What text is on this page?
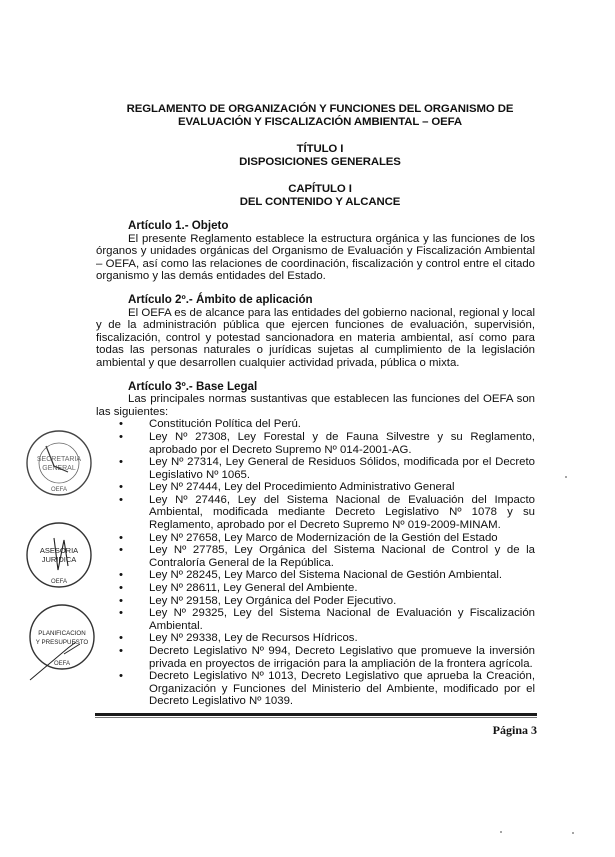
REGLAMENTO DE ORGANIZACIÓN Y FUNCIONES DEL ORGANISMO DE
EVALUACIÓN Y FISCALIZACIÓN AMBIENTAL – OEFA
TÍTULO I
DISPOSICIONES GENERALES
CAPÍTULO I
DEL CONTENIDO Y ALCANCE
Artículo 1.- Objeto

El presente Reglamento establece la estructura orgánica y las funciones de los órganos y unidades orgánicas del Organismo de Evaluación y Fiscalización Ambiental – OEFA, así como las relaciones de coordinación, fiscalización y control entre el citado organismo y las demás entidades del Estado.

Artículo 2º.- Ámbito de aplicación

El OEFA es de alcance para las entidades del gobierno nacional, regional y local y de la administración pública que ejercen funciones de evaluación, supervisión, fiscalización, control y potestad sancionadora en materia ambiental, así como para todas las personas naturales o jurídicas sujetas al cumplimiento de la legislación ambiental y que desarrollen cualquier actividad privada, pública o mixta.

Artículo 3º.- Base Legal

Las principales normas sustantivas que establecen las funciones del OEFA son las siguientes:

• Constitución Política del Perú.
• Ley Nº 27308, Ley Forestal y de Fauna Silvestre y su Reglamento, aprobado por el Decreto Supremo Nº 014-2001-AG.
• Ley Nº 27314, Ley General de Residuos Sólidos, modificada por el Decreto Legislativo Nº 1065.
• Ley Nº 27444, Ley del Procedimiento Administrativo General
• Ley Nº 27446, Ley del Sistema Nacional de Evaluación del Impacto Ambiental, modificada mediante Decreto Legislativo Nº 1078 y su Reglamento, aprobado por el Decreto Supremo Nº 019-2009-MINAM.
• Ley Nº 27658, Ley Marco de Modernización de la Gestión del Estado
• Ley Nº 27785, Ley Orgánica del Sistema Nacional de Control y de la Contraloría General de la República.
• Ley Nº 28245, Ley Marco del Sistema Nacional de Gestión Ambiental.
• Ley Nº 28611, Ley General del Ambiente.
• Ley Nº 29158, Ley Orgánica del Poder Ejecutivo.
• Ley Nº 29325, Ley del Sistema Nacional de Evaluación y Fiscalización Ambiental.
• Ley Nº 29338, Ley de Recursos Hídricos.
• Decreto Legislativo Nº 994, Decreto Legislativo que promueve la inversión privada en proyectos de irrigación para la ampliación de la frontera agrícola.
• Decreto Legislativo Nº 1013, Decreto Legislativo que aprueba la Creación, Organización y Funciones del Ministerio del Ambiente, modificado por el Decreto Legislativo Nº 1039.
Página 3
SECRETARIA
GENERAL
OEFA
ASESORIA
JURIDICA
OEFA
PLANIFICACION
Y PRESUPUESTO
OEFA
